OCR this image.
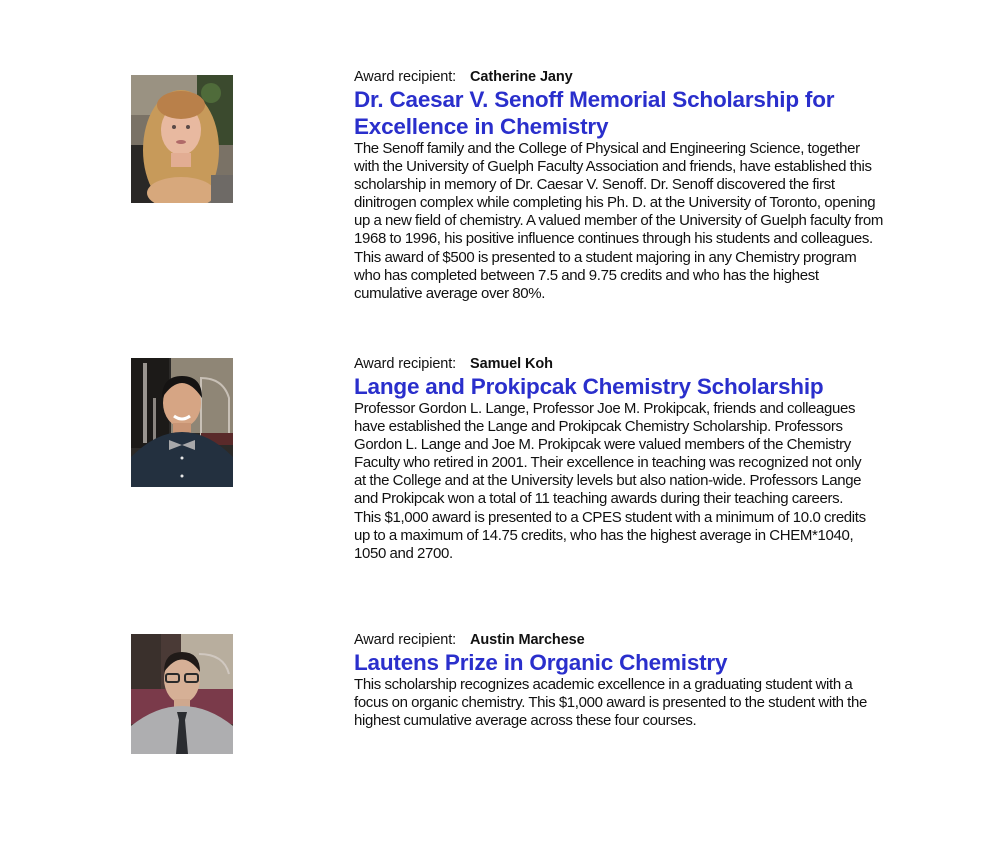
Award recipient: Catherine Jany
Dr. Caesar V. Senoff Memorial Scholarship for
Excellence in Chemistry

The Senoff family and the College of Physical and Engineering Science, together
with the University of Guelph Faculty Association and friends, have established this
scholarship in memory of Dr. Caesar V. Senoff. Dr. Senoff discovered the first
dinitrogen complex while completing his Ph. D. at the University of Toronto, opening
up a new field of chemistry. A valued member of the University of Guelph faculty from
1968 to 1996, his positive influence continues through his students and colleagues.
This award of $500 is presented to a student majoring in any Chemistry program
who has completed between 7.5 and 9.75 credits and who has the highest
cumulative average over 80%.

Award recipient: Samuel Koh
Lange and Prokipcak Chemistry Scholarship

Professor Gordon L. Lange, Professor Joe M. Prokipcak, friends and colleagues
have established the Lange and Prokipcak Chemistry Scholarship. Professors
Gordon L. Lange and Joe M. Prokipcak were valued members of the Chemistry
Faculty who retired in 2001. Their excellence in teaching was recognized not only
at the College and at the University levels but also nation-wide. Professors Lange
and Prokipcak won a total of 11 teaching awards during their teaching careers.
This $1,000 award is presented to a CPES student with a minimum of 10.0 credits
up to a maximum of 14.75 credits, who has the highest average in CHEM*1040,
1050 and 2700.

Award recipient: Austin Marchese
Lautens Prize in Organic Chemistry

This scholarship recognizes academic excellence in a graduating student with a
focus on organic chemistry. This $1,000 award is presented to the student with the
highest cumulative average across these four courses.
